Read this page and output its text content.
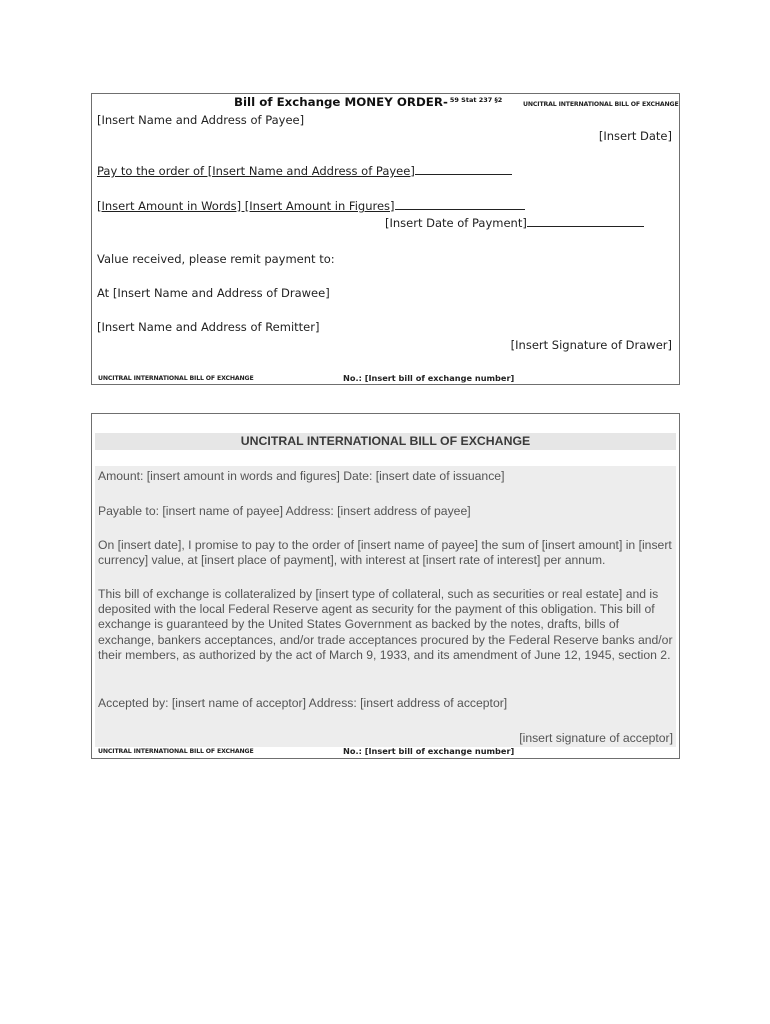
Bill of Exchange MONEY ORDER- $^{59 Stat 237 \S 2}$
UNCITRAL INTERNATIONAL BILL OF EXCHANGE
[Insert Name and Address of Payee]
[Insert Date]
Pay to the order of [Insert Name and Address of Payee]
[Insert Amount in Words] [Insert Amount in Figures]
[Insert Date of Payment]
Value received, please remit payment to:
At [Insert Name and Address of Drawee]
[Insert Name and Address of Remitter]
[Insert Signature of Drawer]
UNCITRAL INTERNATIONAL BILL OF EXCHANGE	No.: [Insert bill of exchange number]
UNCITRAL INTERNATIONAL BILL OF EXCHANGE
Amount: [insert amount in words and figures] Date: [insert date of issuance]
Payable to: [insert name of payee] Address: [insert address of payee]
On [insert date], I promise to pay to the order of [insert name of payee] the sum of [insert amount] in [insert currency] value, at [insert place of payment], with interest at [insert rate of interest] per annum.
This bill of exchange is collateralized by [insert type of collateral, such as securities or real estate] and is deposited with the local Federal Reserve agent as security for the payment of this obligation. This bill of exchange is guaranteed by the United States Government as backed by the notes, drafts, bills of exchange, bankers acceptances, and/or trade acceptances procured by the Federal Reserve banks and/or their members, as authorized by the act of March 9, 1933, and its amendment of June 12, 1945, section 2.
Accepted by: [insert name of acceptor] Address: [insert address of acceptor]
[insert signature of acceptor]
UNCITRAL INTERNATIONAL BILL OF EXCHANGE	No.: [Insert bill of exchange number]
